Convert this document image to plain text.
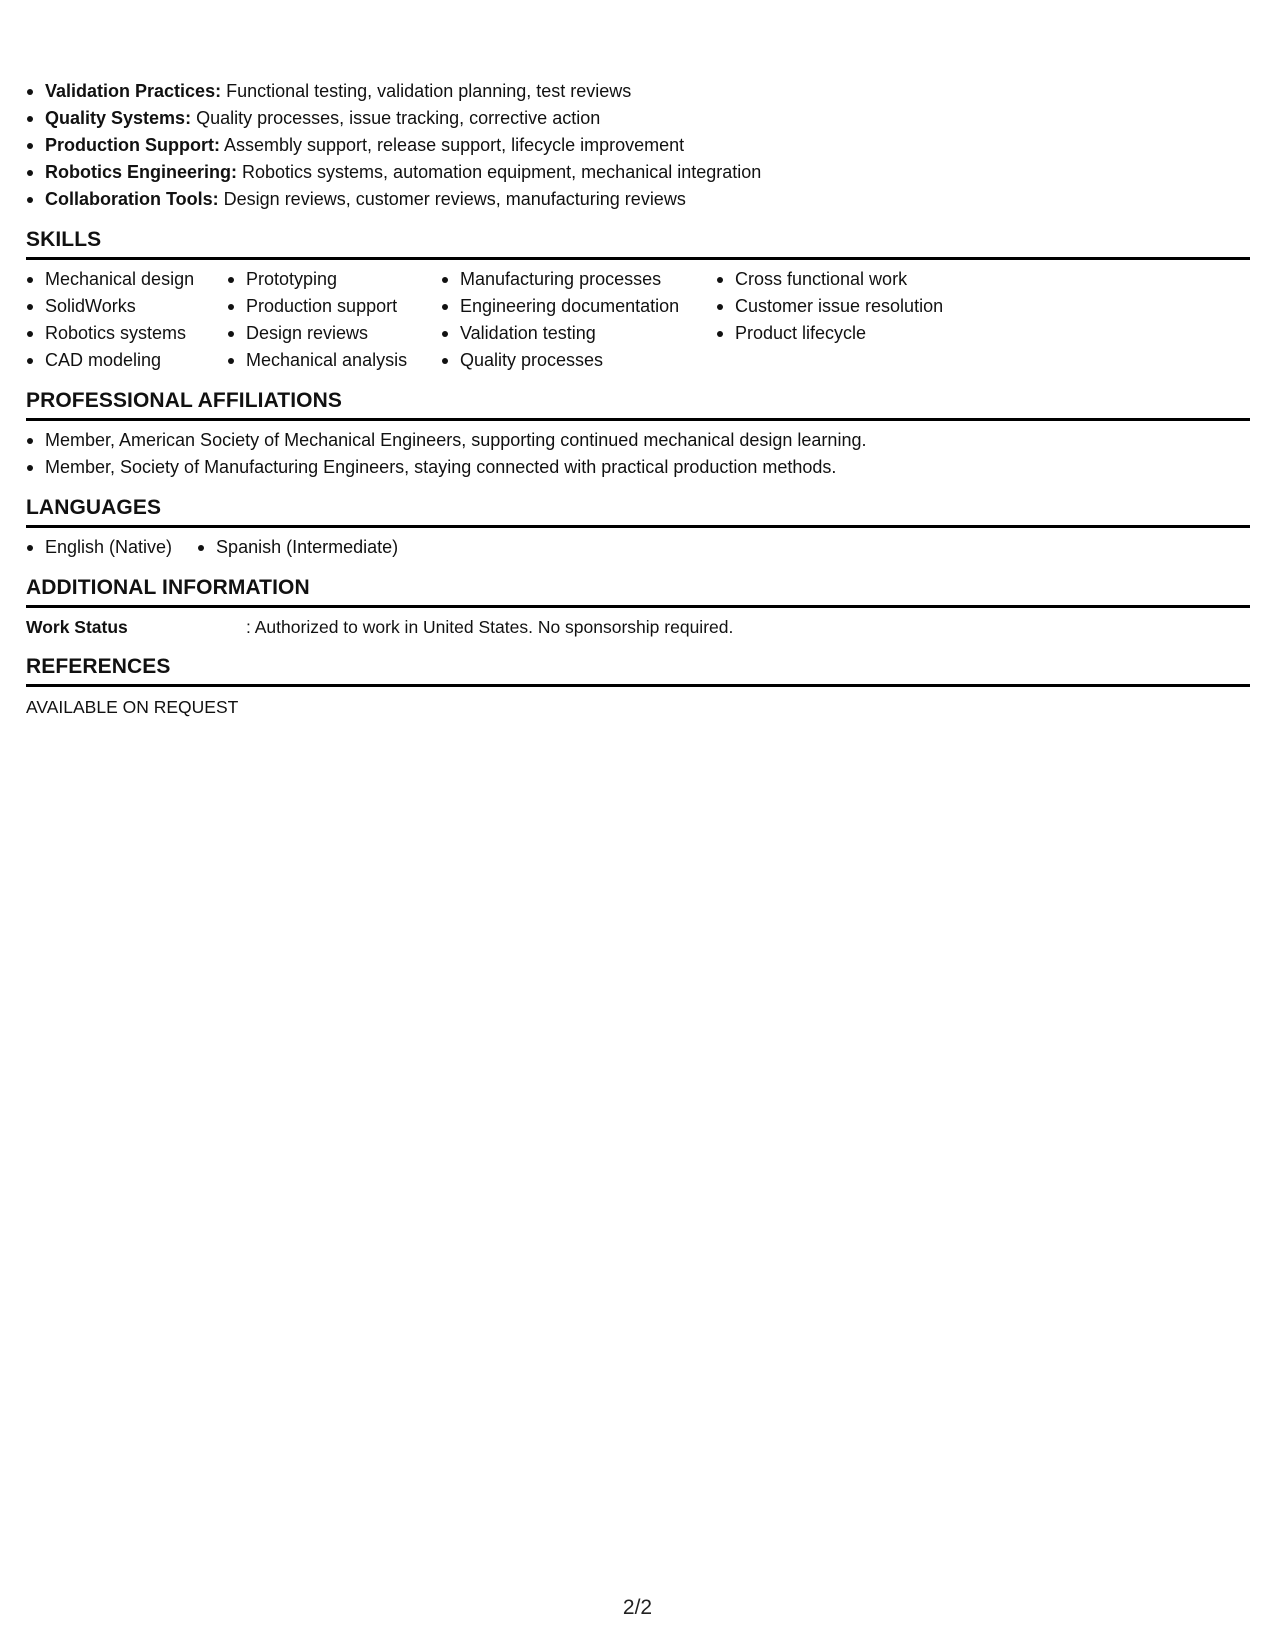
Validation Practices: Functional testing, validation planning, test reviews
Quality Systems: Quality processes, issue tracking, corrective action
Production Support: Assembly support, release support, lifecycle improvement
Robotics Engineering: Robotics systems, automation equipment, mechanical integration
Collaboration Tools: Design reviews, customer reviews, manufacturing reviews
SKILLS
Mechanical design
SolidWorks
Robotics systems
CAD modeling
Prototyping
Production support
Design reviews
Mechanical analysis
Manufacturing processes
Engineering documentation
Validation testing
Quality processes
Cross functional work
Customer issue resolution
Product lifecycle
PROFESSIONAL AFFILIATIONS
Member, American Society of Mechanical Engineers, supporting continued mechanical design learning.
Member, Society of Manufacturing Engineers, staying connected with practical production methods.
LANGUAGES
English (Native)	Spanish (Intermediate)
ADDITIONAL INFORMATION
Work Status	: Authorized to work in United States. No sponsorship required.
REFERENCES
AVAILABLE ON REQUEST
2/2
